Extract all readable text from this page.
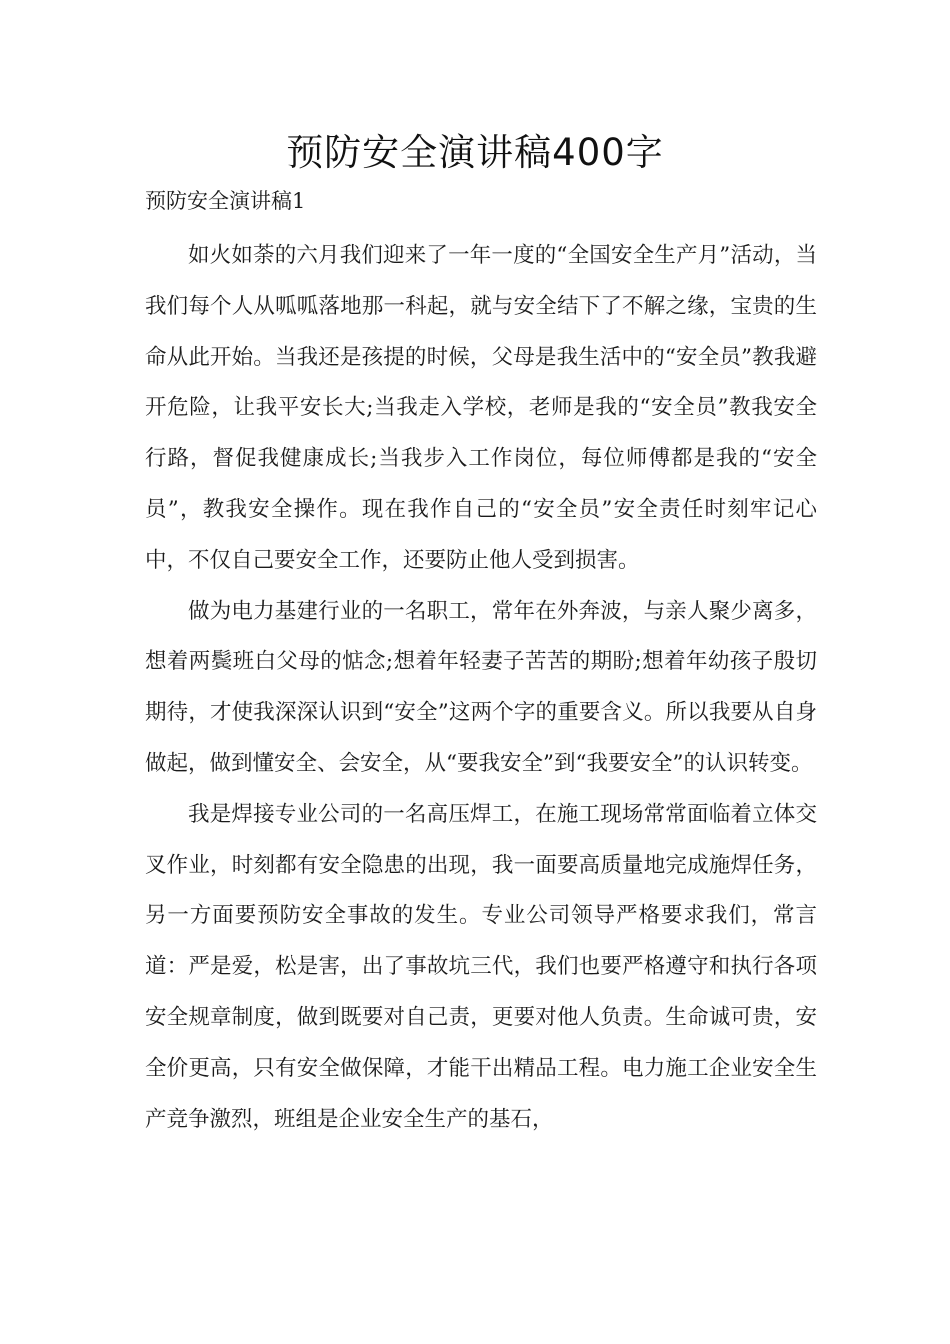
预防安全演讲稿400字

预防安全演讲稿1

如火如荼的六月我们迎来了一年一度的“全国安全生产月”活动，当我们每个人从呱呱落地那一科起，就与安全结下了不解之缘，宝贵的生命从此开始。当我还是孩提的时候，父母是我生活中的“安全员”教我避开危险，让我平安长大;当我走入学校，老师是我的“安全员”教我安全行路，督促我健康成长;当我步入工作岗位，每位师傅都是我的“安全员”，教我安全操作。现在我作自己的“安全员”安全责任时刻牢记心中，不仅自己要安全工作，还要防止他人受到损害。

做为电力基建行业的一名职工，常年在外奔波，与亲人聚少离多，想着两鬓班白父母的惦念;想着年轻妻子苦苦的期盼;想着年幼孩子殷切期待，才使我深深认识到“安全”这两个字的重要含义。所以我要从自身做起，做到懂安全、会安全，从“要我安全”到“我要安全”的认识转变。

我是焊接专业公司的一名高压焊工，在施工现场常常面临着立体交叉作业，时刻都有安全隐患的出现，我一面要高质量地完成施焊任务，另一方面要预防安全事故的发生。专业公司领导严格要求我们，常言道：严是爱，松是害，出了事故坑三代，我们也要严格遵守和执行各项安全规章制度，做到既要对自己责，更要对他人负责。生命诚可贵，安全价更高，只有安全做保障，才能干出精品工程。电力施工企业安全生产竞争激烈，班组是企业安全生产的基石，
